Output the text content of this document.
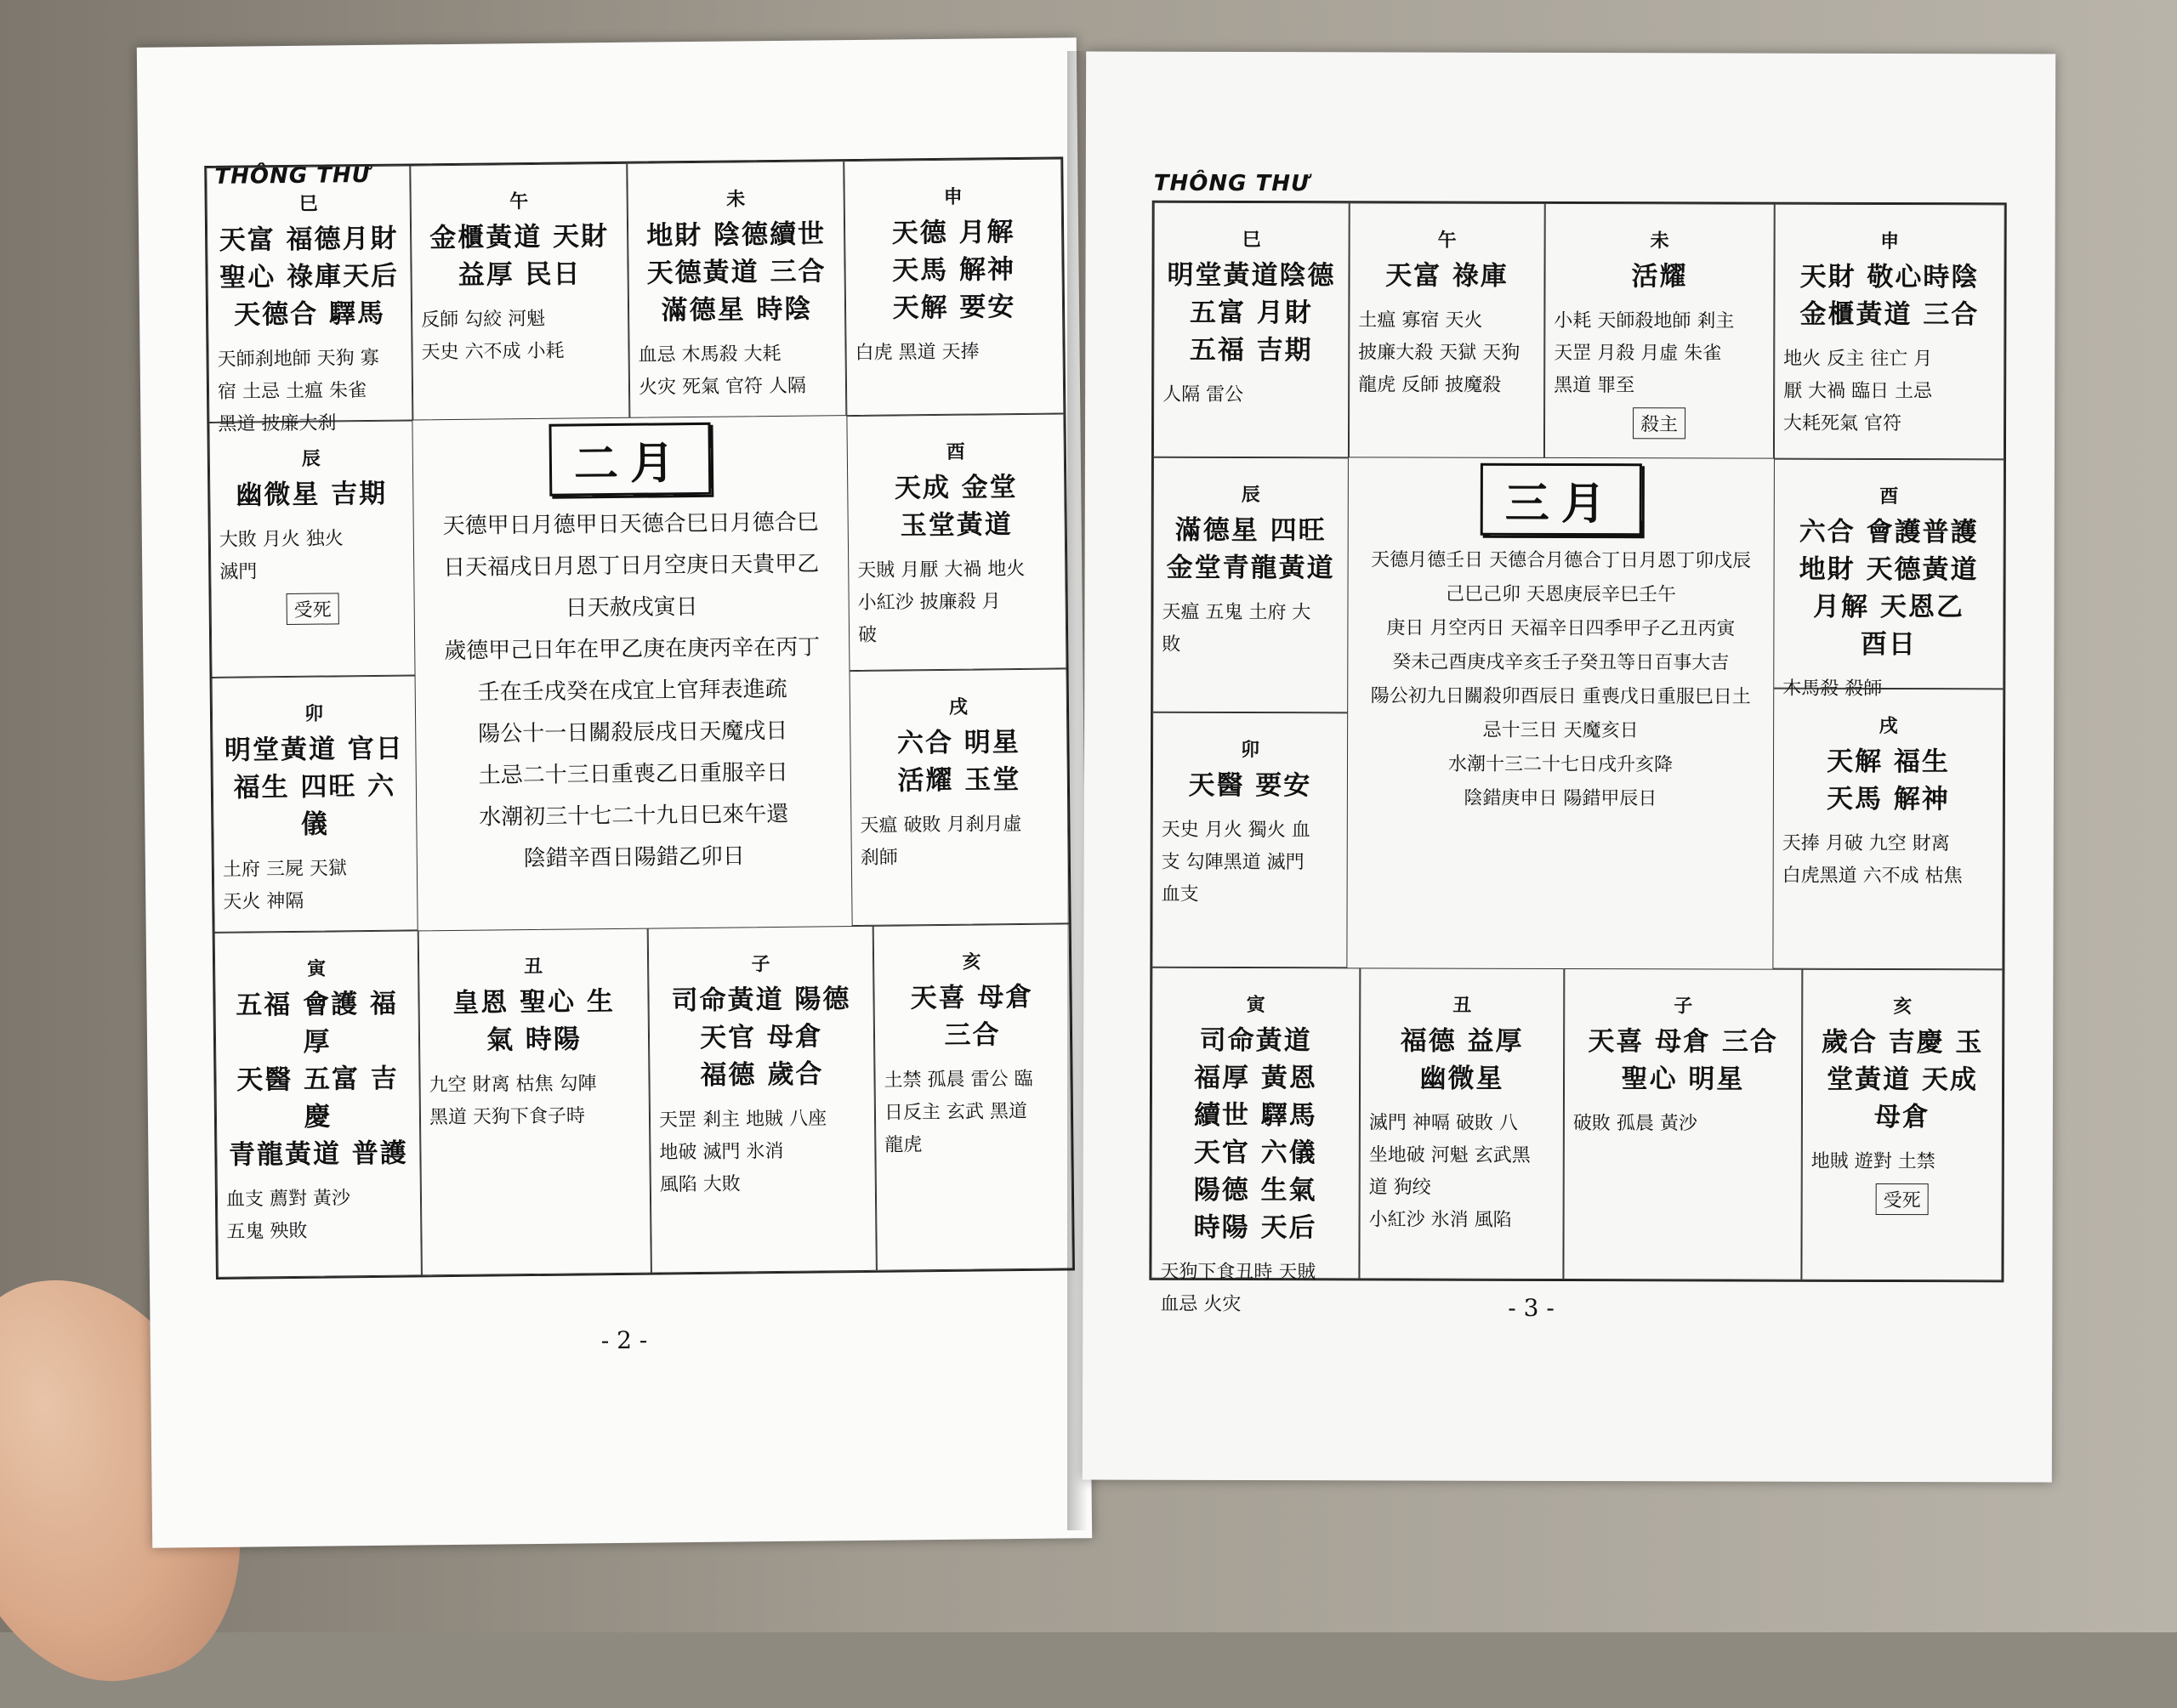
THÔNG THƯ
巳
天富 福德月財
聖心 祿庫天后
天德合 驛馬
天師刹地師 天狗 寡
宿 土忌 土瘟 朱雀
黑道 披廉大刹
午
金櫃黃道 天財
益厚 民日
反師 勾絞 河魁
天史 六不成 小耗
未
地財 陰德續世
天德黃道 三合
滿德星 時陰
血忌 木馬殺 大耗
火灾 死氣 官符 人隔
申
天德 月解
天馬 解神
天解 要安
白虎 黑道 天捧
辰
幽微星 吉期
大敗 月火 独火
滅門
受死
酉
天成 金堂
玉堂黃道
天賊 月厭 大禍 地火
小紅沙 披廉殺 月
破
卯
明堂黃道 官日
福生 四旺 六儀
土府 三屍 天獄
天火 神隔
戌
六合 明星
活耀 玉堂
天瘟 破敗 月刹月虛
刹師
寅
五福 會護 福厚
天醫 五富 吉慶
青龍黃道 普護
血支 薦對 黃沙
五鬼 殃敗
丑
皇恩 聖心 生
氣 時陽
九空 財离 枯焦 勾陣
黑道 天狗下食子時
子
司命黃道 陽德
天官 母倉
福德 歲合
天罡 剎主 地賊 八座
地破 滅門 氷消
風陷 大敗
亥
天喜 母倉
三合
土禁 孤晨 雷公 臨
日反主 玄武 黑道
龍虎
二月
天德甲日月德甲日天德合巳日月德合巳
日天福戌日月恩丁日月空庚日天貴甲乙
日天赦戌寅日
歲德甲己日年在甲乙庚在庚丙辛在丙丁
壬在壬戌癸在戌宜上官拜表進疏
陽公十一日關殺辰戌日天魔戌日
土忌二十三日重喪乙日重服辛日
水潮初三十七二十九日巳來午還
陰錯辛酉日陽錯乙卯日
- 2 -
THÔNG THƯ
巳
明堂黃道陰德
五富 月財
五福 吉期
人隔 雷公
午
天富 祿庫
土瘟 寡宿 天火
披廉大殺 天獄 天狗
龍虎 反師 披魔殺
未
活耀
小耗 天師殺地師 剎主
天罡 月殺 月虛 朱雀
黑道 罪至
殺主
申
天財 敬心時陰
金櫃黃道 三合
地火 反主 往亡 月
厭 大禍 臨日 土忌
大耗死氣 官符
辰
滿德星 四旺
金堂青龍黃道
天瘟 五鬼 土府 大
敗
酉
六合 會護普護
地財 天德黃道
月解 天恩乙
酉日
木馬殺 殺師
卯
天醫 要安
天史 月火 獨火 血
支 勾陣黑道 滅門
血支
戌
天解 福生
天馬 解神
天捧 月破 九空 財离
白虎黑道 六不成 枯焦
寅
司命黃道
福厚 黃恩
續世 驛馬
天官 六儀
陽德 生氣
時陽 天后
天狗下食丑時 天賊
血忌 火灾
丑
福德 益厚
幽微星
滅門 神嗝 破敗 八
坐地破 河魁 玄武黑
道 狗绞
小紅沙 氷消 風陷
子
天喜 母倉 三合
聖心 明星
破敗 孤晨 黃沙
亥
歲合 吉慶 玉
堂黃道 天成
母倉
地賊 遊對 土禁
受死
三月
天德月德壬日 天德合月德合丁日月恩丁卯戊辰
己巳己卯 天恩庚辰辛巳壬午
庚日 月空丙日 天福辛日四季甲子乙丑丙寅
癸未己酉庚戌辛亥壬子癸丑等日百事大吉
陽公初九日關殺卯酉辰日 重喪戊日重服巳日土
忌十三日 天魔亥日
水潮十三二十七日戌升亥降
陰錯庚申日 陽錯甲辰日
- 3 -
